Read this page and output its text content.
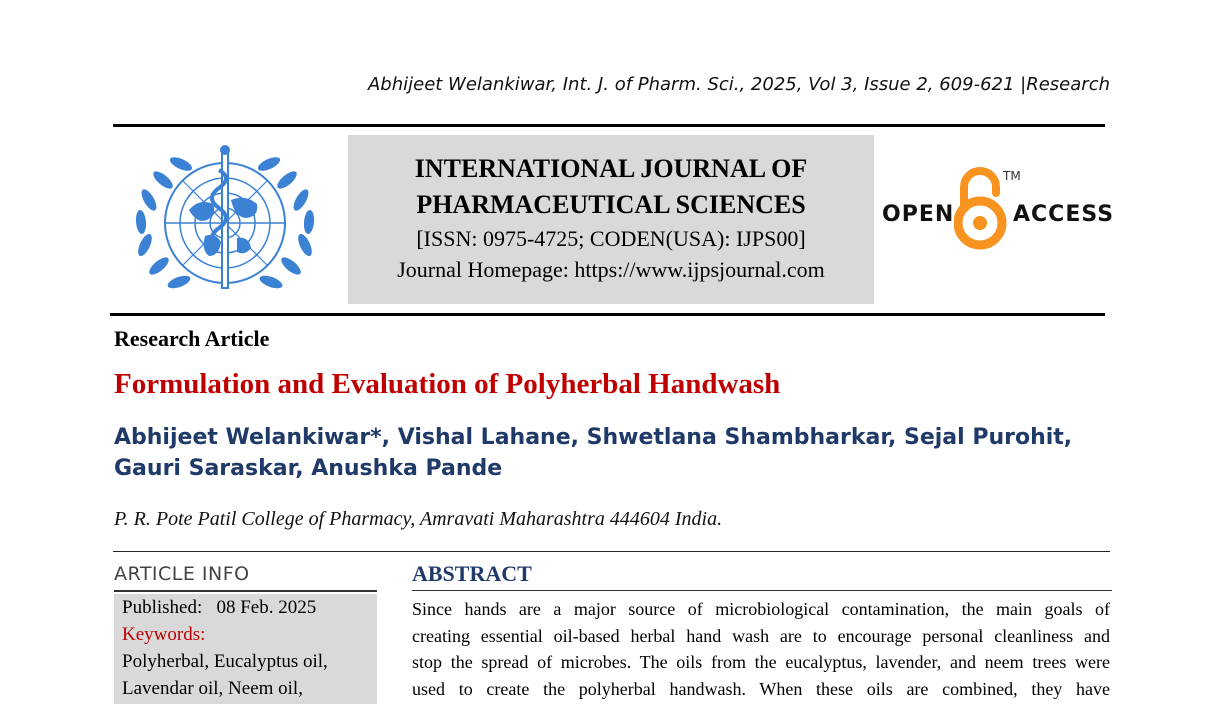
Abhijeet Welankiwar, Int. J. of Pharm. Sci., 2025, Vol 3, Issue 2, 609-621 |Research
INTERNATIONAL JOURNAL OF
PHARMACEUTICAL SCIENCES
[ISSN: 0975-4725; CODEN(USA): IJPS00]
Journal Homepage: https://www.ijpsjournal.com
OPEN
TM
ACCESS
Research Article
Formulation and Evaluation of Polyherbal Handwash
Abhijeet Welankiwar*, Vishal Lahane, Shwetlana Shambharkar, Sejal Purohit,
Gauri Saraskar, Anushka Pande
P. R. Pote Patil College of Pharmacy, Amravati Maharashtra 444604 India.
ARTICLE INFO
Published: 08 Feb. 2025
Keywords:
Polyherbal, Eucalyptus oil,
Lavendar oil, Neem oil,
ABSTRACT

Since hands are a major source of microbiological contamination, the main goals of

creating essential oil-based herbal hand wash are to encourage personal cleanliness and

stop the spread of microbes. The oils from the eucalyptus, lavender, and neem trees were

used to create the polyherbal handwash. When these oils are combined, they have
